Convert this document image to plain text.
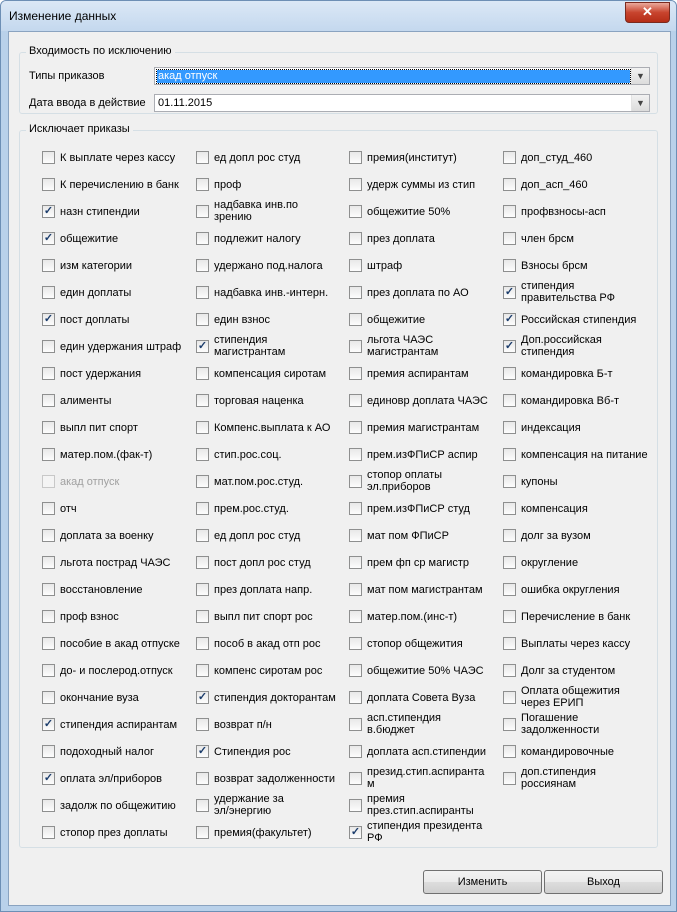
Изменение данных	✕
Входимость по исключению
Типы приказов	акад отпуск	▼
Дата ввода в действие 01.11.2015	▼
Исключает приказы
К выплате через кассу
К перечислению в банк
✓ назн стипендии
✓ общежитие
изм категории
един доплаты
✓ пост доплаты
един удержания штраф
пост удержания
алименты
выпл пит спорт
матер.пом.(фак-т)
акад отпуск
отч
доплата за военку
льгота пострад ЧАЭС
восстановление
проф взнос
пособие в акад отпуске
до- и послерод.отпуск
окончание вуза
✓ стипендия аспирантам
подоходный налог
✓ оплата эл/приборов
задолж по общежитию
стопор през доплаты
ед допл рос студ
проф
надбавка инв.по
зрению
подлежит налогу
удержано под.налога
надбавка инв.-интерн.
един взнос
✓ стипендия
магистрантам
компенсация сиротам
торговая наценка
Компенс.выплата к АО
стип.рос.соц.
мат.пом.рос.студ.
прем.рос.студ.
ед допл рос студ
пост допл рос студ
през доплата напр.
выпл пит спорт рос
пособ в акад отп рос
компенс сиротам рос
✓ стипендия докторантам
возврат п/н
✓ Стипендия рос
возврат задолженности
удержание за
эл/энергию
премия(факультет)
премия(институт)
удерж суммы из стип
общежитие 50%
през доплата
штраф
през доплата по АО
общежитие
льгота ЧАЭС
магистрантам
премия аспирантам
единовр доплата ЧАЭС
премия магистрантам
прем.изФПиСР аспир
стопор оплаты
эл.приборов
прем.изФПиСР студ
мат пом ФПиСР
прем фп ср магистр
мат пом магистрантам
матер.пом.(инс-т)
стопор общежития
общежитие 50% ЧАЭС
доплата Совета Вуза
асп.стипендия
в.бюджет
доплата асп.стипендии
презид.стип.аспиранта
м
премия
през.стип.аспиранты
✓ стипендия президента
РФ
доп_студ_460
доп_асп_460
профвзносы-асп
член брсм
Взносы брсм
✓ стипендия
правительства РФ
✓ Российская стипендия
✓ Доп.российская
стипендия
командировка Б-т
командировка Вб-т
индексация
компенсация на питание
купоны
компенсация
долг за вузом
округление
ошибка округления
Перечисление в банк
Выплаты через кассу
Долг за студентом
Оплата общежития
через ЕРИП
Погашение
задолженности
командировочные
доп.стипендия
россиянам
Изменить	Выход
